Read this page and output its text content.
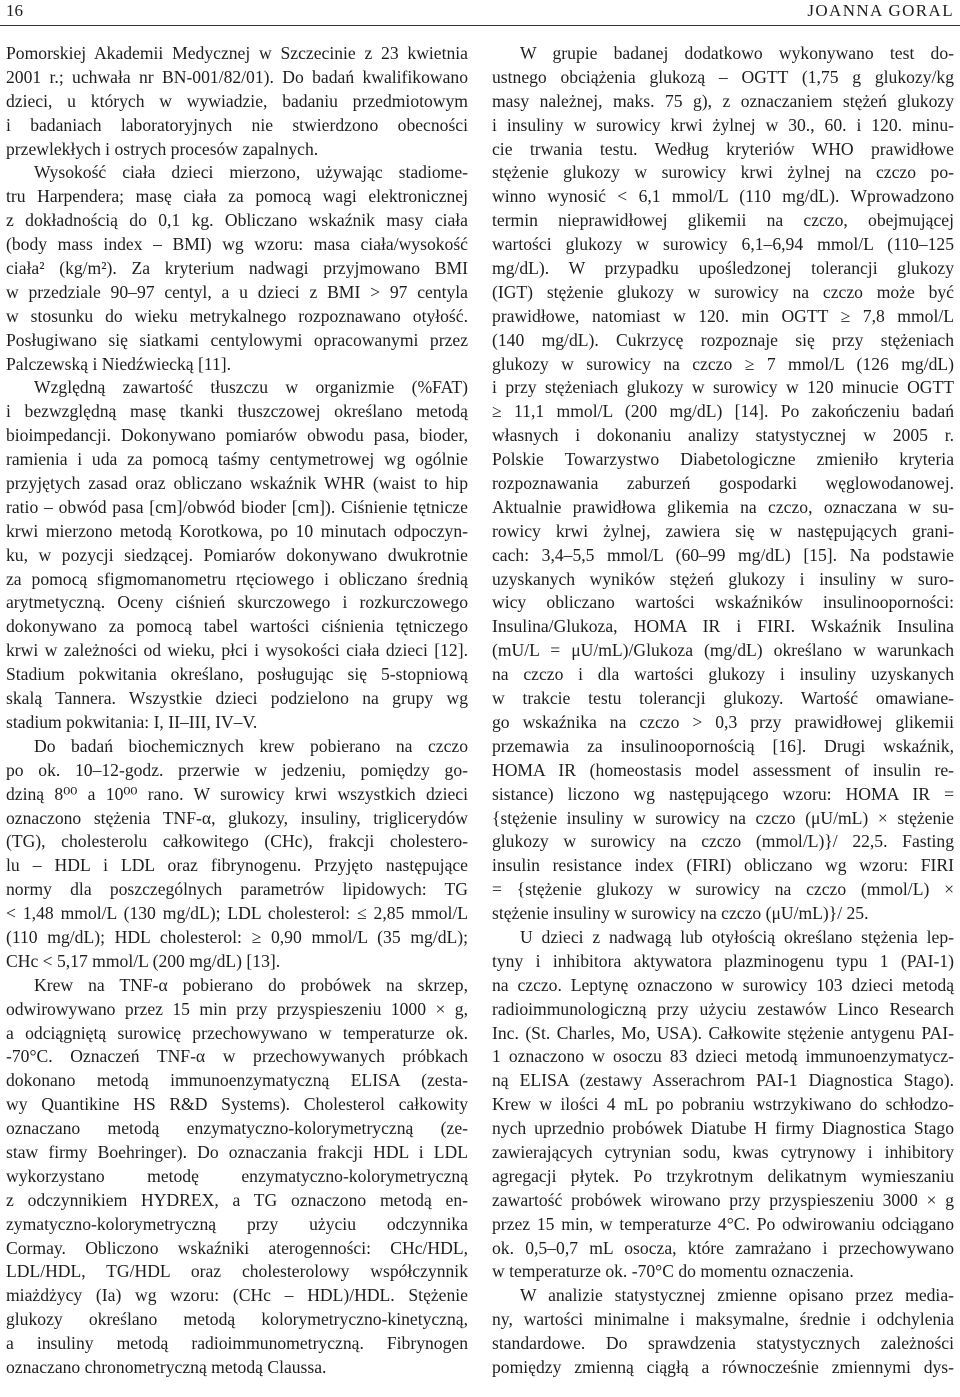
16	JOANNA GORAL
Pomorskiej Akademii Medycznej w Szczecinie z 23 kwietnia
2001 r.; uchwała nr BN-001/82/01). Do badań kwalifikowano
dzieci, u których w wywiadzie, badaniu przedmiotowym
i badaniach laboratoryjnych nie stwierdzono obecności
przewlekłych i ostrych procesów zapalnych.
Wysokość ciała dzieci mierzono, używając stadiome-
tru Harpendera; masę ciała za pomocą wagi elektronicznej
z dokładnością do 0,1 kg. Obliczano wskaźnik masy ciała
(body mass index – BMI) wg wzoru: masa ciała/wysokość
ciała² (kg/m²). Za kryterium nadwagi przyjmowano BMI
w przedziale 90–97 centyl, a u dzieci z BMI > 97 centyla
w stosunku do wieku metrykalnego rozpoznawano otyłość.
Posługiwano się siatkami centylowymi opracowanymi przez
Palczewską i Niedźwiecką [11].
Względną zawartość tłuszczu w organizmie (%FAT)
i bezwzględną masę tkanki tłuszczowej określano metodą
bioimpedancji. Dokonywano pomiarów obwodu pasa, bioder,
ramienia i uda za pomocą taśmy centymetrowej wg ogólnie
przyjętych zasad oraz obliczano wskaźnik WHR (waist to hip
ratio – obwód pasa [cm]/obwód bioder [cm]). Ciśnienie tętnicze
krwi mierzono metodą Korotkowa, po 10 minutach odpoczyn-
ku, w pozycji siedzącej. Pomiarów dokonywano dwukrotnie
za pomocą sfigmomanometru rtęciowego i obliczano średnią
arytmetyczną. Oceny ciśnień skurczowego i rozkurczowego
dokonywano za pomocą tabel wartości ciśnienia tętniczego
krwi w zależności od wieku, płci i wysokości ciała dzieci [12].
Stadium pokwitania określano, posługując się 5-stopniową
skalą Tannera. Wszystkie dzieci podzielono na grupy wg
stadium pokwitania: I, II–III, IV–V.
Do badań biochemicznych krew pobierano na czczo
po ok. 10–12-godz. przerwie w jedzeniu, pomiędzy go-
dziną 8⁰⁰ a 10⁰⁰ rano. W surowicy krwi wszystkich dzieci
oznaczono stężenia TNF-α, glukozy, insuliny, triglicerydów
(TG), cholesterolu całkowitego (CHc), frakcji cholestero-
lu – HDL i LDL oraz fibrynogenu. Przyjęto następujące
normy dla poszczególnych parametrów lipidowych: TG
< 1,48 mmol/L (130 mg/dL); LDL cholesterol: ≤ 2,85 mmol/L
(110 mg/dL); HDL cholesterol: ≥ 0,90 mmol/L (35 mg/dL);
CHc < 5,17 mmol/L (200 mg/dL) [13].
Krew na TNF-α pobierano do probówek na skrzep,
odwirowywano przez 15 min przy przyspieszeniu 1000 × g,
a odciągniętą surowicę przechowywano w temperaturze ok.
-70°C. Oznaczeń TNF-α w przechowywanych próbkach
dokonano metodą immunoenzymatyczną ELISA (zesta-
wy Quantikine HS R&D Systems). Cholesterol całkowity
oznaczano metodą enzymatyczno-kolorymetryczną (ze-
staw firmy Boehringer). Do oznaczania frakcji HDL i LDL
wykorzystano metodę enzymatyczno-kolorymetryczną
z odczynnikiem HYDREX, a TG oznaczono metodą en-
zymatyczno-kolorymetryczną przy użyciu odczynnika
Cormay. Obliczono wskaźniki aterogenności: CHc/HDL,
LDL/HDL, TG/HDL oraz cholesterolowy współczynnik
miażdżycy (Ia) wg wzoru: (CHc – HDL)/HDL. Stężenie
glukozy określano metodą kolorymetryczno-kinetyczną,
a insuliny metodą radioimmunometryczną. Fibrynogen
oznaczano chronometryczną metodą Claussa.
W grupie badanej dodatkowo wykonywano test do-
ustnego obciążenia glukozą – OGTT (1,75 g glukozy/kg
masy należnej, maks. 75 g), z oznaczaniem stężeń glukozy
i insuliny w surowicy krwi żylnej w 30., 60. i 120. minu-
cie trwania testu. Według kryteriów WHO prawidłowe
stężenie glukozy w surowicy krwi żylnej na czczo po-
winno wynosić < 6,1 mmol/L (110 mg/dL). Wprowadzono
termin nieprawidłowej glikemii na czczo, obejmującej
wartości glukozy w surowicy 6,1–6,94 mmol/L (110–125
mg/dL). W przypadku upośledzonej tolerancji glukozy
(IGT) stężenie glukozy w surowicy na czczo może być
prawidłowe, natomiast w 120. min OGTT ≥ 7,8 mmol/L
(140 mg/dL). Cukrzycę rozpoznaje się przy stężeniach
glukozy w surowicy na czczo ≥ 7 mmol/L (126 mg/dL)
i przy stężeniach glukozy w surowicy w 120 minucie OGTT
≥ 11,1 mmol/L (200 mg/dL) [14]. Po zakończeniu badań
własnych i dokonaniu analizy statystycznej w 2005 r.
Polskie Towarzystwo Diabetologiczne zmieniło kryteria
rozpoznawania zaburzeń gospodarki węglowodanowej.
Aktualnie prawidłowa glikemia na czczo, oznaczana w su-
rowicy krwi żylnej, zawiera się w następujących grani-
cach: 3,4–5,5 mmol/L (60–99 mg/dL) [15]. Na podstawie
uzyskanych wyników stężeń glukozy i insuliny w suro-
wicy obliczano wartości wskaźników insulinooporności:
Insulina/Glukoza, HOMA IR i FIRI. Wskaźnik Insulina
(mU/L = μU/mL)/Glukoza (mg/dL) określano w warunkach
na czczo i dla wartości glukozy i insuliny uzyskanych
w trakcie testu tolerancji glukozy. Wartość omawiane-
go wskaźnika na czczo > 0,3 przy prawidłowej glikemii
przemawia za insulinoopornością [16]. Drugi wskaźnik,
HOMA IR (homeostasis model assessment of insulin re-
sistance) liczono wg następującego wzoru: HOMA IR =
{stężenie insuliny w surowicy na czczo (μU/mL) × stężenie
glukozy w surowicy na czczo (mmol/L)}/ 22,5. Fasting
insulin resistance index (FIRI) obliczano wg wzoru: FIRI
= {stężenie glukozy w surowicy na czczo (mmol/L) ×
stężenie insuliny w surowicy na czczo (μU/mL)}/ 25.
U dzieci z nadwagą lub otyłością określano stężenia lep-
tyny i inhibitora aktywatora plazminogenu typu 1 (PAI-1)
na czczo. Leptynę oznaczono w surowicy 103 dzieci metodą
radioimmunologiczną przy użyciu zestawów Linco Research
Inc. (St. Charles, Mo, USA). Całkowite stężenie antygenu PAI-
1 oznaczono w osoczu 83 dzieci metodą immunoenzymatycz-
ną ELISA (zestawy Asserachrom PAI-1 Diagnostica Stago).
Krew w ilości 4 mL po pobraniu wstrzykiwano do schłodzo-
nych uprzednio probówek Diatube H firmy Diagnostica Stago
zawierających cytrynian sodu, kwas cytrynowy i inhibitory
agregacji płytek. Po trzykrotnym delikatnym wymieszaniu
zawartość probówek wirowano przy przyspieszeniu 3000 × g
przez 15 min, w temperaturze 4°C. Po odwirowaniu odciągano
ok. 0,5–0,7 mL osocza, które zamrażano i przechowywano
w temperaturze ok. -70°C do momentu oznaczenia.
W analizie statystycznej zmienne opisano przez media-
ny, wartości minimalne i maksymalne, średnie i odchylenia
standardowe. Do sprawdzenia statystycznych zależności
pomiędzy zmienną ciągłą a równocześnie zmiennymi dys-
